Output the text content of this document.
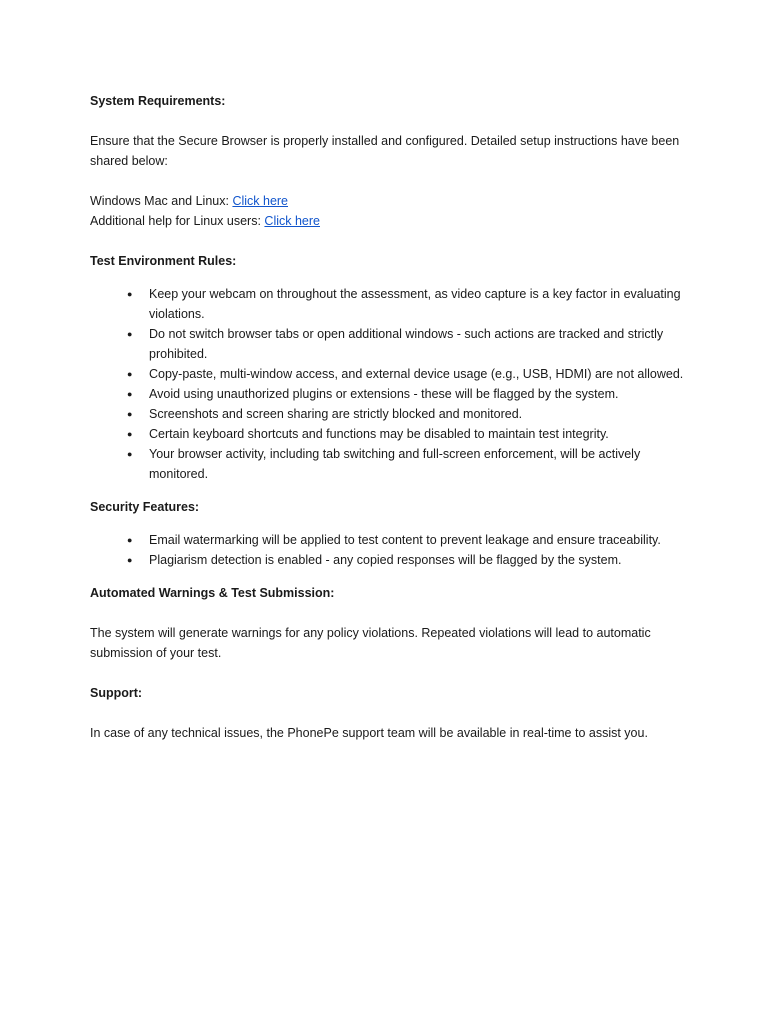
System Requirements:

Ensure that the Secure Browser is properly installed and configured. Detailed setup instructions have been shared below:

Windows Mac and Linux: Click here

Additional help for Linux users: Click here

Test Environment Rules:

● Keep your webcam on throughout the assessment, as video capture is a key factor in evaluating violations.
● Do not switch browser tabs or open additional windows - such actions are tracked and strictly prohibited.
● Copy-paste, multi-window access, and external device usage (e.g., USB, HDMI) are not allowed.
● Avoid using unauthorized plugins or extensions - these will be flagged by the system.
● Screenshots and screen sharing are strictly blocked and monitored.
● Certain keyboard shortcuts and functions may be disabled to maintain test integrity.
● Your browser activity, including tab switching and full-screen enforcement, will be actively monitored.

Security Features:

● Email watermarking will be applied to test content to prevent leakage and ensure traceability.
● Plagiarism detection is enabled - any copied responses will be flagged by the system.

Automated Warnings & Test Submission:

The system will generate warnings for any policy violations. Repeated violations will lead to automatic submission of your test.

Support:

In case of any technical issues, the PhonePe support team will be available in real-time to assist you.
